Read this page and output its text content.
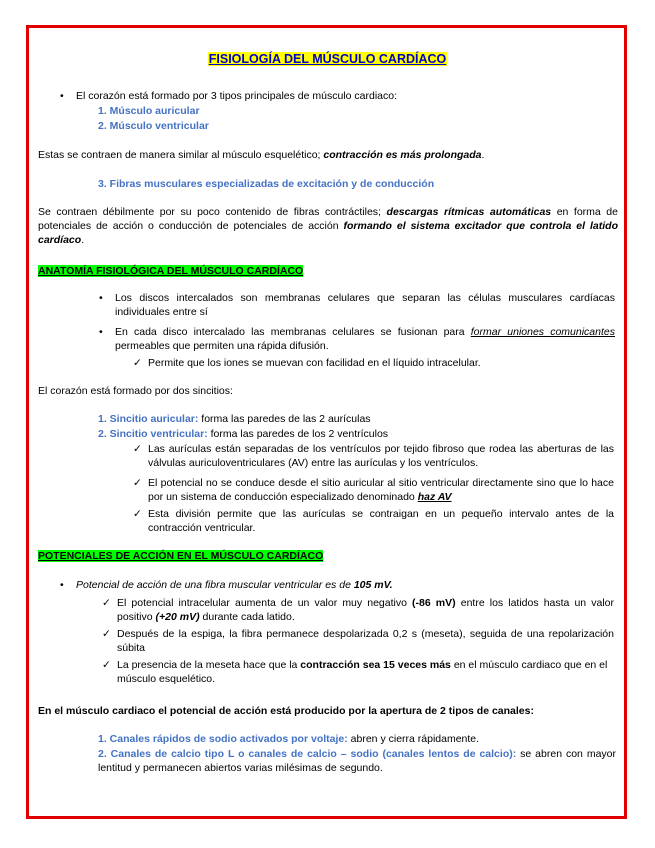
FISIOLOGÍA DEL MÚSCULO CARDÍACO
• El corazón está formado por 3 tipos principales de músculo cardiaco:
1. Músculo auricular
2. Músculo ventricular
Estas se contraen de manera similar al músculo esquelético; contracción es más prolongada.
3. Fibras musculares especializadas de excitación y de conducción
Se contraen débilmente por su poco contenido de fibras contráctiles; descargas rítmicas automáticas en forma de potenciales de acción o conducción de potenciales de acción formando el sistema excitador que controla el latido cardíaco.
ANATOMÍA FISIOLÓGICA DEL MÚSCULO CARDÍACO
• Los discos intercalados son membranas celulares que separan las células musculares cardíacas individuales entre sí
• En cada disco intercalado las membranas celulares se fusionan para formar uniones comunicantes permeables que permiten una rápida difusión.
✓ Permite que los iones se muevan con facilidad en el líquido intracelular.
El corazón está formado por dos sincitios:
1. Sincitio auricular: forma las paredes de las 2 aurículas
2. Sincitio ventricular: forma las paredes de los 2 ventrículos
✓ Las aurículas están separadas de los ventrículos por tejido fibroso que rodea las aberturas de las válvulas auriculoventriculares (AV) entre las aurículas y los ventrículos.
✓ El potencial no se conduce desde el sitio auricular al sitio ventricular directamente sino que lo hace por un sistema de conducción especializado denominado haz AV
✓ Esta división permite que las aurículas se contraigan en un pequeño intervalo antes de la contracción ventricular.
POTENCIALES DE ACCIÓN EN EL MÚSCULO CARDÍACO
• Potencial de acción de una fibra muscular ventricular es de 105 mV.
✓ El potencial intracelular aumenta de un valor muy negativo (-86 mV) entre los latidos hasta un valor positivo (+20 mV) durante cada latido.
✓ Después de la espiga, la fibra permanece despolarizada 0,2 s (meseta), seguida de una repolarización súbita
✓ La presencia de la meseta hace que la contracción sea 15 veces más en el músculo cardiaco que en el músculo esquelético.
En el músculo cardiaco el potencial de acción está producido por la apertura de 2 tipos de canales:
1. Canales rápidos de sodio activados por voltaje: abren y cierra rápidamente.
2. Canales de calcio tipo L o canales de calcio – sodio (canales lentos de calcio): se abren con mayor lentitud y permanecen abiertos varias milésimas de segundo.
